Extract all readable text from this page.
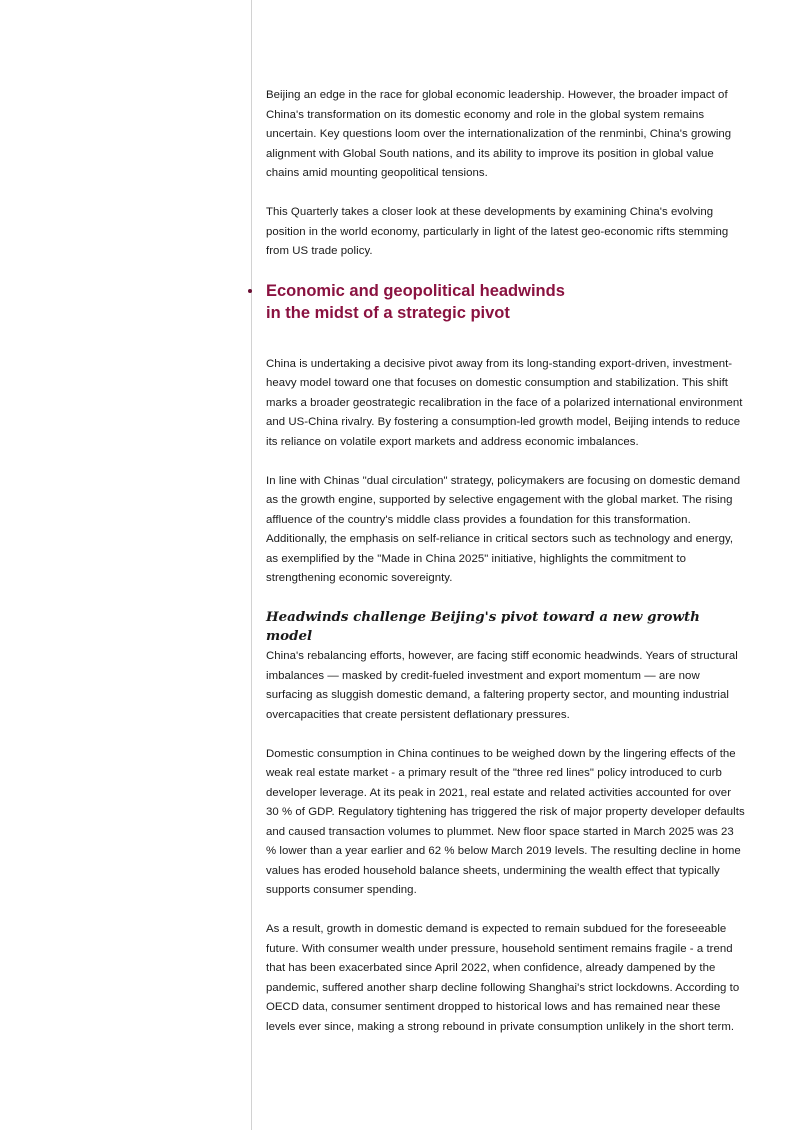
Beijing an edge in the race for global economic leadership. However, the broader impact of China's transformation on its domestic economy and role in the global system remains uncertain. Key questions loom over the internationalization of the renminbi, China's growing alignment with Global South nations, and its ability to improve its position in global value chains amid mounting geopolitical tensions.

This Quarterly takes a closer look at these developments by examining China's evolving position in the world economy, particularly in light of the latest geo-economic rifts stemming from US trade policy.

Economic and geopolitical headwinds
in the midst of a strategic pivot

China is undertaking a decisive pivot away from its long-standing export-driven, investment-heavy model toward one that focuses on domestic consumption and stabilization. This shift marks a broader geostrategic recalibration in the face of a polarized international environment and US-China rivalry. By fostering a consumption-led growth model, Beijing intends to reduce its reliance on volatile export markets and address economic imbalances.

In line with Chinas "dual circulation" strategy, policymakers are focusing on domestic demand as the growth engine, supported by selective engagement with the global market. The rising affluence of the country's middle class provides a foundation for this transformation. Additionally, the emphasis on self-reliance in critical sectors such as technology and energy, as exemplified by the "Made in China 2025" initiative, highlights the commitment to strengthening economic sovereignty.

Headwinds challenge Beijing's pivot toward a new growth model

China's rebalancing efforts, however, are facing stiff economic headwinds. Years of structural imbalances — masked by credit-fueled investment and export momentum — are now surfacing as sluggish domestic demand, a faltering property sector, and mounting industrial overcapacities that create persistent deflationary pressures.

Domestic consumption in China continues to be weighed down by the lingering effects of the weak real estate market - a primary result of the "three red lines" policy introduced to curb developer leverage. At its peak in 2021, real estate and related activities accounted for over 30 % of GDP. Regulatory tightening has triggered the risk of major property developer defaults and caused transaction volumes to plummet. New floor space started in March 2025 was 23 % lower than a year earlier and 62 % below March 2019 levels. The resulting decline in home values has eroded household balance sheets, undermining the wealth effect that typically supports consumer spending.

As a result, growth in domestic demand is expected to remain subdued for the foreseeable future. With consumer wealth under pressure, household sentiment remains fragile - a trend that has been exacerbated since April 2022, when confidence, already dampened by the pandemic, suffered another sharp decline following Shanghai's strict lockdowns. According to OECD data, consumer sentiment dropped to historical lows and has remained near these levels ever since, making a strong rebound in private consumption unlikely in the short term.
